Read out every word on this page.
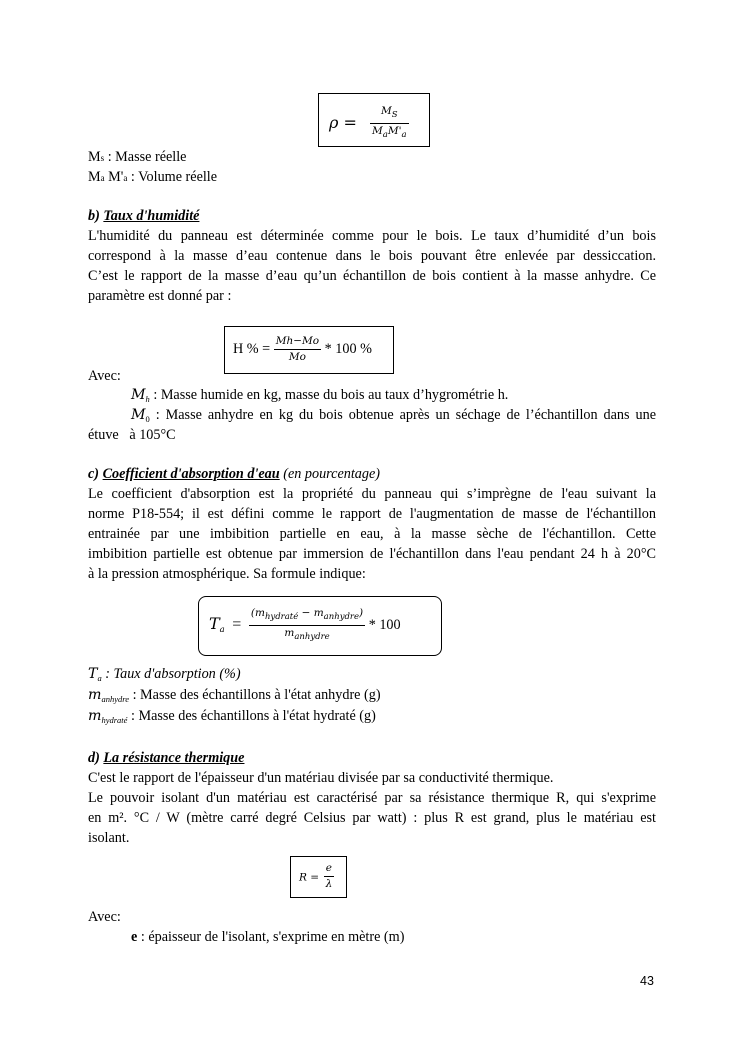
$\rho = \frac{M_S}{M_aM'_a}$
Ms : Masse réelle
Ma M'a : Volume réelle
b) Taux d'humidité
L'humidité du panneau est déterminée comme pour le bois. Le taux d’humidité d’un bois
correspond à la masse d’eau contenue dans le bois pouvant être enlevée par dessiccation.
C’est le rapport de la masse d’eau qu’un échantillon de bois contient à la masse anhydre. Ce
paramètre est donné par :
H % = $\frac{Mh-Mo}{Mo} * 100$ %
Avec:
$M_h$ : Masse humide en kg, masse du bois au taux d’hygrométrie h.
$M_0$ : Masse anhydre en kg du bois obtenue après un séchage de l’échantillon dans une
étuve   à 105°C
c) Coefficient d'absorption d'eau (en pourcentage)
Le coefficient d'absorption est la propriété du panneau qui s’imprègne de l'eau suivant la
norme P18-554; il est défini comme le rapport de l'augmentation de masse de l'échantillon
entrainée par une imbibition partielle en eau, à la masse sèche de l'échantillon. Cette
imbibition partielle est obtenue par immersion de l'échantillon dans l'eau pendant 24 h à 20°C
à la pression atmosphérique. Sa formule indique:
$T_a = \frac{(m_{hydraté} - m_{anhydre})}{m_{anhydre}} * 100$
$T_a$ : Taux d'absorption (%)
$m_{anhydre}$ : Masse des échantillons à l'état anhydre (g)
$m_{hydraté}$ : Masse des échantillons à l'état hydraté (g)
d) La résistance thermique
C'est le rapport de l'épaisseur d'un matériau divisée par sa conductivité thermique.
Le pouvoir isolant d'un matériau est caractérisé par sa résistance thermique R, qui s'exprime
en m². °C / W (mètre carré degré Celsius par watt) : plus R est grand, plus le matériau est
isolant.
$R = \frac{e}{\lambda}$
Avec:
e : épaisseur de l'isolant, s'exprime en mètre (m)
43
